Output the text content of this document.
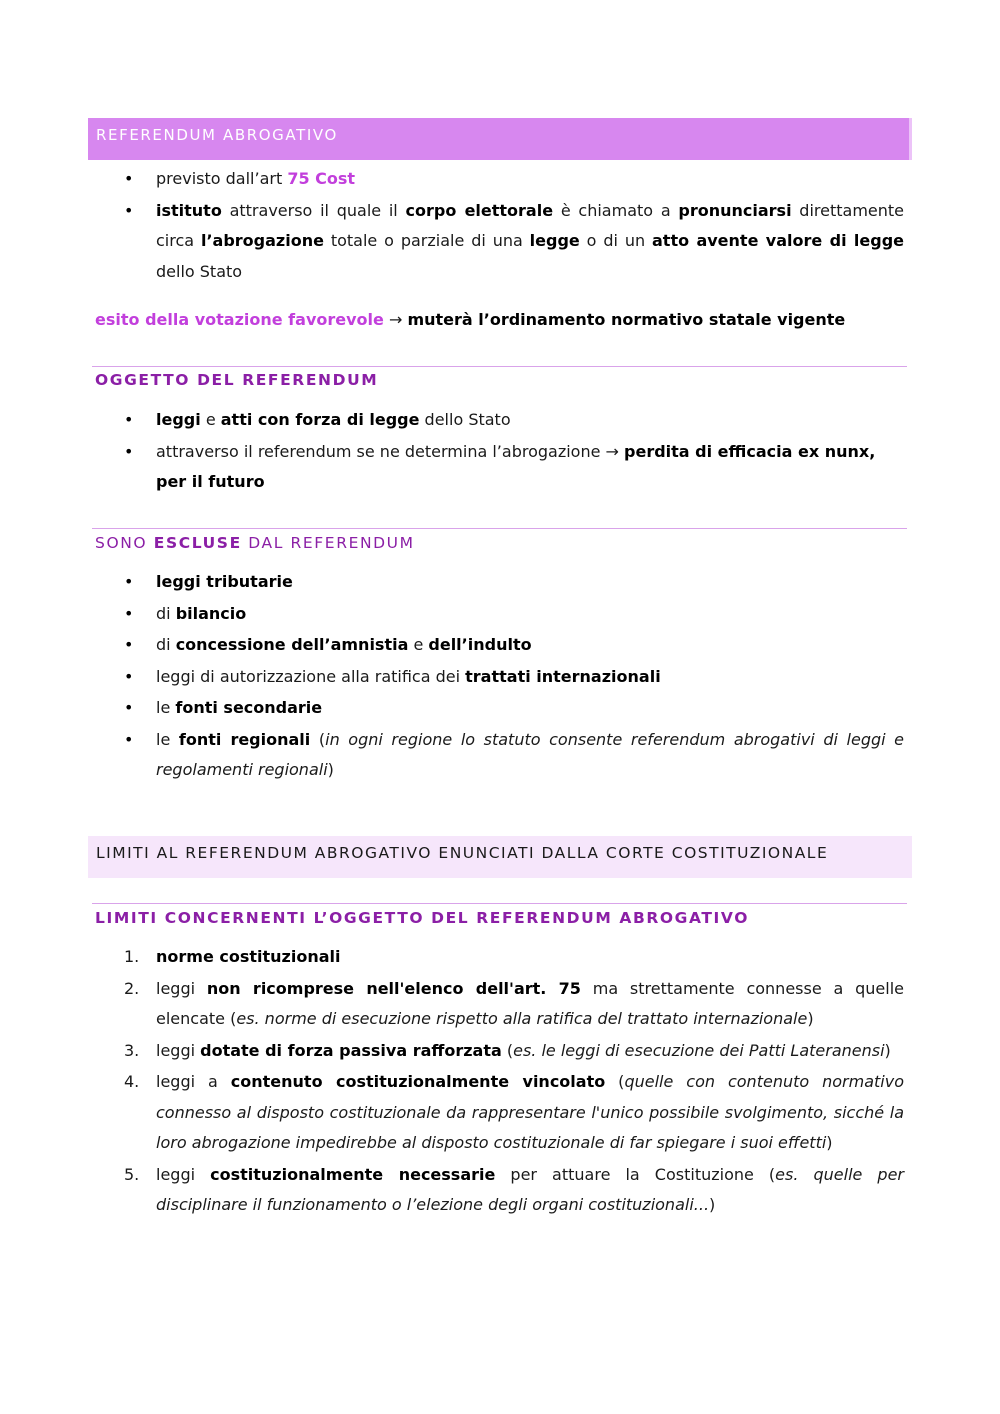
REFERENDUM ABROGATIVO
• previsto dall’art 75 Cost
• istituto attraverso il quale il corpo elettorale è chiamato a pronunciarsi direttamente circa l’abrogazione totale o parziale di una legge o di un atto avente valore di legge dello Stato
esito della votazione favorevole → muterà l’ordinamento normativo statale vigente
OGGETTO DEL REFERENDUM
• leggi e atti con forza di legge dello Stato
• attraverso il referendum se ne determina l’abrogazione → perdita di efficacia ex nunx, per il futuro
SONO ESCLUSE DAL REFERENDUM
• leggi tributarie
• di bilancio
• di concessione dell’amnistia e dell’indulto
• leggi di autorizzazione alla ratifica dei trattati internazionali
• le fonti secondarie
• le fonti regionali (in ogni regione lo statuto consente referendum abrogativi di leggi e regolamenti regionali)
LIMITI AL REFERENDUM ABROGATIVO ENUNCIATI DALLA CORTE COSTITUZIONALE
LIMITI CONCERNENTI L’OGGETTO DEL REFERENDUM ABROGATIVO
1. norme costituzionali
2. leggi non ricomprese nell'elenco dell'art. 75 ma strettamente connesse a quelle elencate (es. norme di esecuzione rispetto alla ratifica del trattato internazionale)
3. leggi dotate di forza passiva rafforzata (es. le leggi di esecuzione dei Patti Lateranensi)
4. leggi a contenuto costituzionalmente vincolato (quelle con contenuto normativo connesso al disposto costituzionale da rappresentare l'unico possibile svolgimento, sicché la loro abrogazione impedirebbe al disposto costituzionale di far spiegare i suoi effetti)
5. leggi costituzionalmente necessarie per attuare la Costituzione (es. quelle per disciplinare il funzionamento o l’elezione degli organi costituzionali...)
